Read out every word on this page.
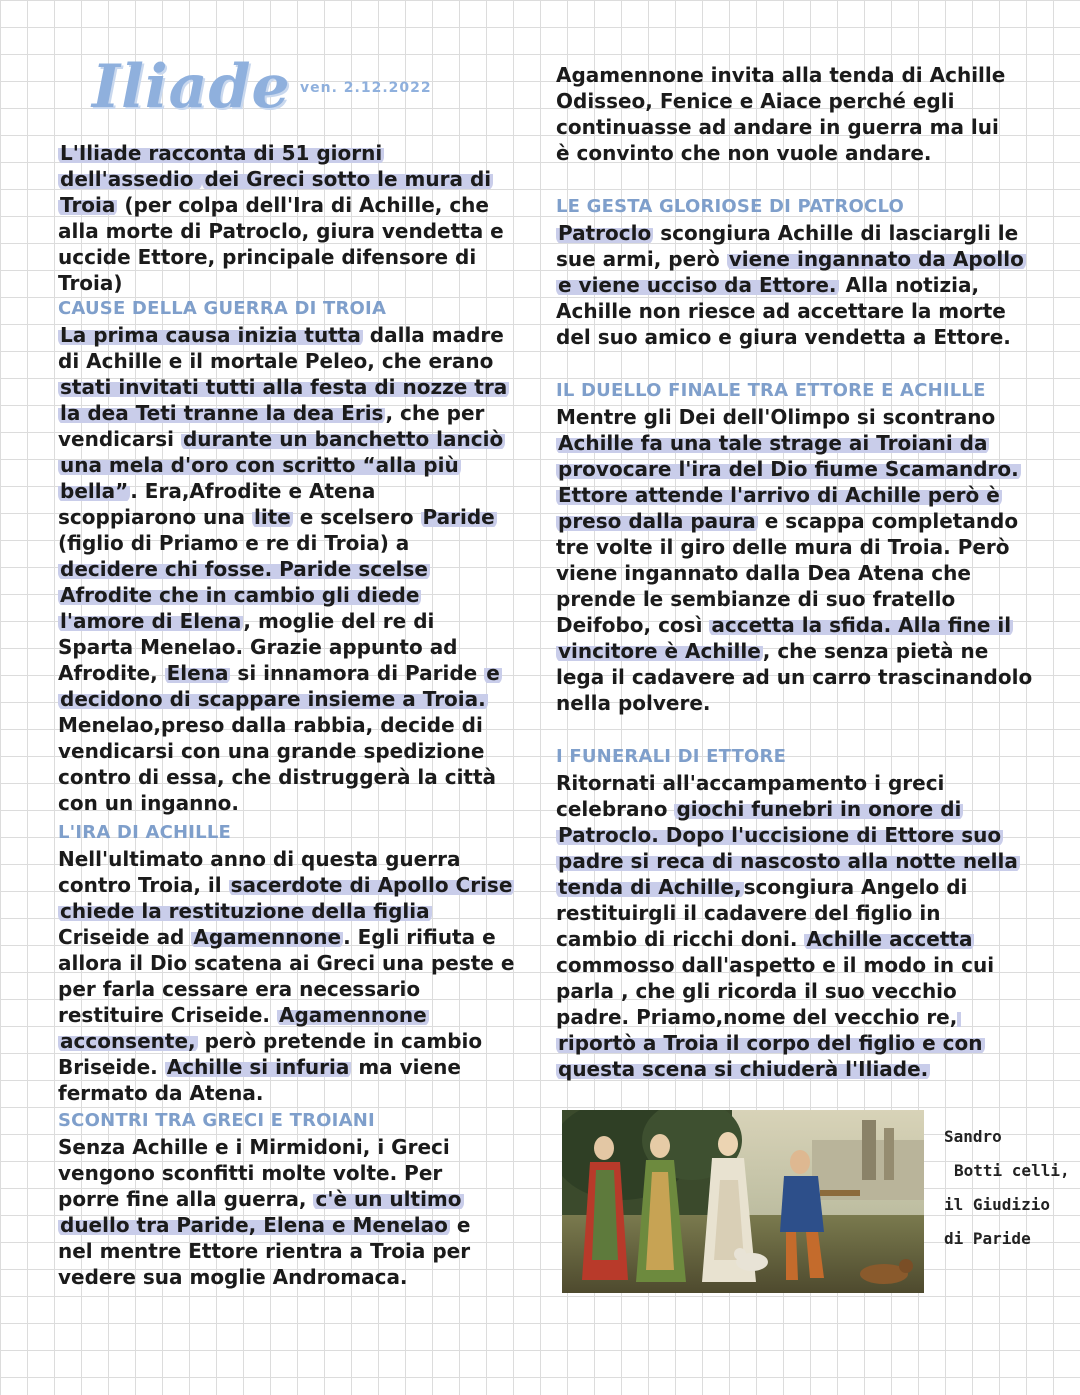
Iliade ven. 2.12.2022

L'Iliade racconta di 51 giorni dell'assedio dei Greci sotto le mura di Troia (per colpa dell'Ira di Achille, che alla morte di Patroclo, giura vendetta e uccide Ettore, principale difensore di Troia)

CAUSE DELLA GUERRA DI TROIA

La prima causa inizia tutta dalla madre di Achille e il mortale Peleo, che erano stati invitati tutti alla festa di nozze tra la dea Teti tranne la dea Eris , che per vendicarsi durante un banchetto lanciò una mela d'oro con scritto “alla più bella” . Era,Afrodite e Atena scoppiarono una lite e scelsero Paride (figlio di Priamo e re di Troia) a decidere chi fosse. Paride scelse Afrodite che in cambio gli diede l'amore di Elena , moglie del re di Sparta Menelao. Grazie appunto ad Afrodite, Elena si innamora di Paride e decidono di scappare insieme a Troia. Menelao,preso dalla rabbia, decide di vendicarsi con una grande spedizione contro di essa, che distruggerà la città con un inganno.

L'IRA DI ACHILLE

Nell'ultimato anno di questa guerra contro Troia, il sacerdote di Apollo Crise chiede la restituzione della figlia Criseide ad Agamennone . Egli rifiuta e allora il Dio scatena ai Greci una peste e per farla cessare era necessario restituire Criseide. Agamennone acconsente, però pretende in cambio Briseide. Achille si infuria ma viene fermato da Atena.

SCONTRI TRA GRECI E TROIANI

Senza Achille e i Mirmidoni, i Greci vengono sconfitti molte volte. Per porre fine alla guerra, c'è un ultimo duello tra Paride, Elena e Menelao e nel mentre Ettore rientra a Troia per vedere sua moglie Andromaca.

Agamennone invita alla tenda di Achille Odisseo, Fenice e Aiace perché egli continuasse ad andare in guerra ma lui è convinto che non vuole andare.

LE GESTA GLORIOSE DI PATROCLO

Patroclo scongiura Achille di lasciargli le sue armi, però viene ingannato da Apollo e viene ucciso da Ettore. Alla notizia, Achille non riesce ad accettare la morte del suo amico e giura vendetta a Ettore.

IL DUELLO FINALE TRA ETTORE E ACHILLE

Mentre gli Dei dell'Olimpo si scontrano Achille fa una tale strage ai Troiani da provocare l'ira del Dio fiume Scamandro. Ettore attende l'arrivo di Achille però è preso dalla paura e scappa completando tre volte il giro delle mura di Troia. Però viene ingannato dalla Dea Atena che prende le sembianze di suo fratello Deifobo, così accetta la sfida. Alla fine il vincitore è Achille , che senza pietà ne lega il cadavere ad un carro trascinandolo nella polvere.

I FUNERALI DI ETTORE

Ritornati all'accampamento i greci celebrano giochi funebri in onore di Patroclo. Dopo l'uccisione di Ettore suo padre si reca di nascosto alla notte nella tenda di Achille, scongiura Angelo di restituirgli il cadavere del figlio in cambio di ricchi doni. Achille accetta commosso dall'aspetto e il modo in cui parla , che gli ricorda il suo vecchio padre. Priamo,nome del vecchio re, riportò a Troia il corpo del figlio e con questa scena si chiuderà l'Iliade.

Sandro
Botti celli,
il Giudizio
di Paride
